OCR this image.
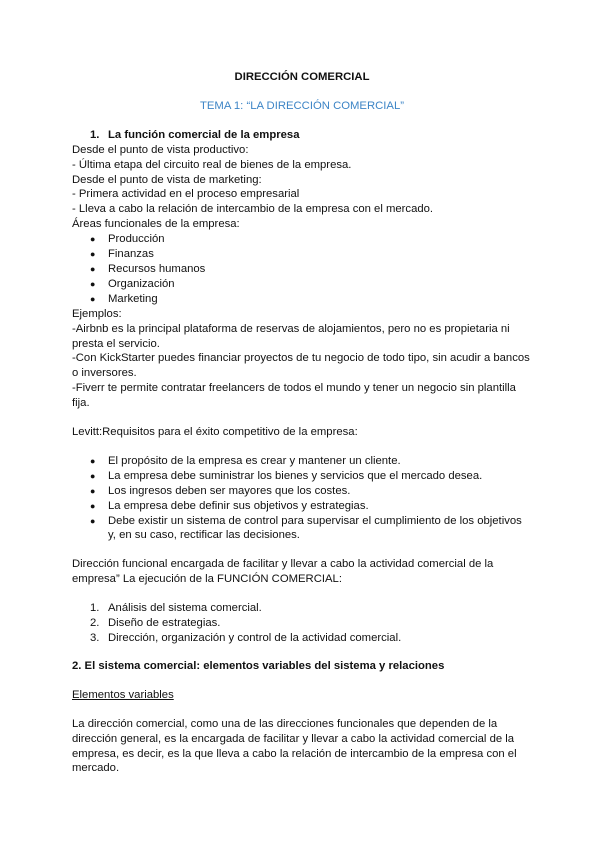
DIRECCIÓN COMERCIAL
TEMA 1: “LA DIRECCIÓN COMERCIAL”
1. La función comercial de la empresa

Desde el punto de vista productivo:

- Última etapa del circuito real de bienes de la empresa.

Desde el punto de vista de marketing:

- Primera actividad en el proceso empresarial

- Lleva a cabo la relación de intercambio de la empresa con el mercado.

Áreas funcionales de la empresa:

●	Producción
●	Finanzas
●	Recursos humanos
●	Organización
●	Marketing

Ejemplos:

-Airbnb es la principal plataforma de reservas de alojamientos, pero no es propietaria ni presta el servicio.

-Con KickStarter puedes financiar proyectos de tu negocio de todo tipo, sin acudir a bancos o inversores.

-Fiverr te permite contratar freelancers de todos el mundo y tener un negocio sin plantilla fija.

Levitt:Requisitos para el éxito competitivo de la empresa:

●	El propósito de la empresa es crear y mantener un cliente.
●	La empresa debe suministrar los bienes y servicios que el mercado desea.
●	Los ingresos deben ser mayores que los costes.
●	La empresa debe definir sus objetivos y estrategias.
●	Debe existir un sistema de control para supervisar el cumplimiento de los objetivos y, en su caso, rectificar las decisiones.

Dirección funcional encargada de facilitar y llevar a cabo la actividad comercial de la empresa” La ejecución de la FUNCIÓN COMERCIAL:

1. Análisis del sistema comercial.
2. Diseño de estrategias.
3. Dirección, organización y control de la actividad comercial.
2. El sistema comercial: elementos variables del sistema y relaciones

Elementos variables

La dirección comercial, como una de las direcciones funcionales que dependen de la dirección general, es la encargada de facilitar y llevar a cabo la actividad comercial de la empresa, es decir, es la que lleva a cabo la relación de intercambio de la empresa con el mercado.
